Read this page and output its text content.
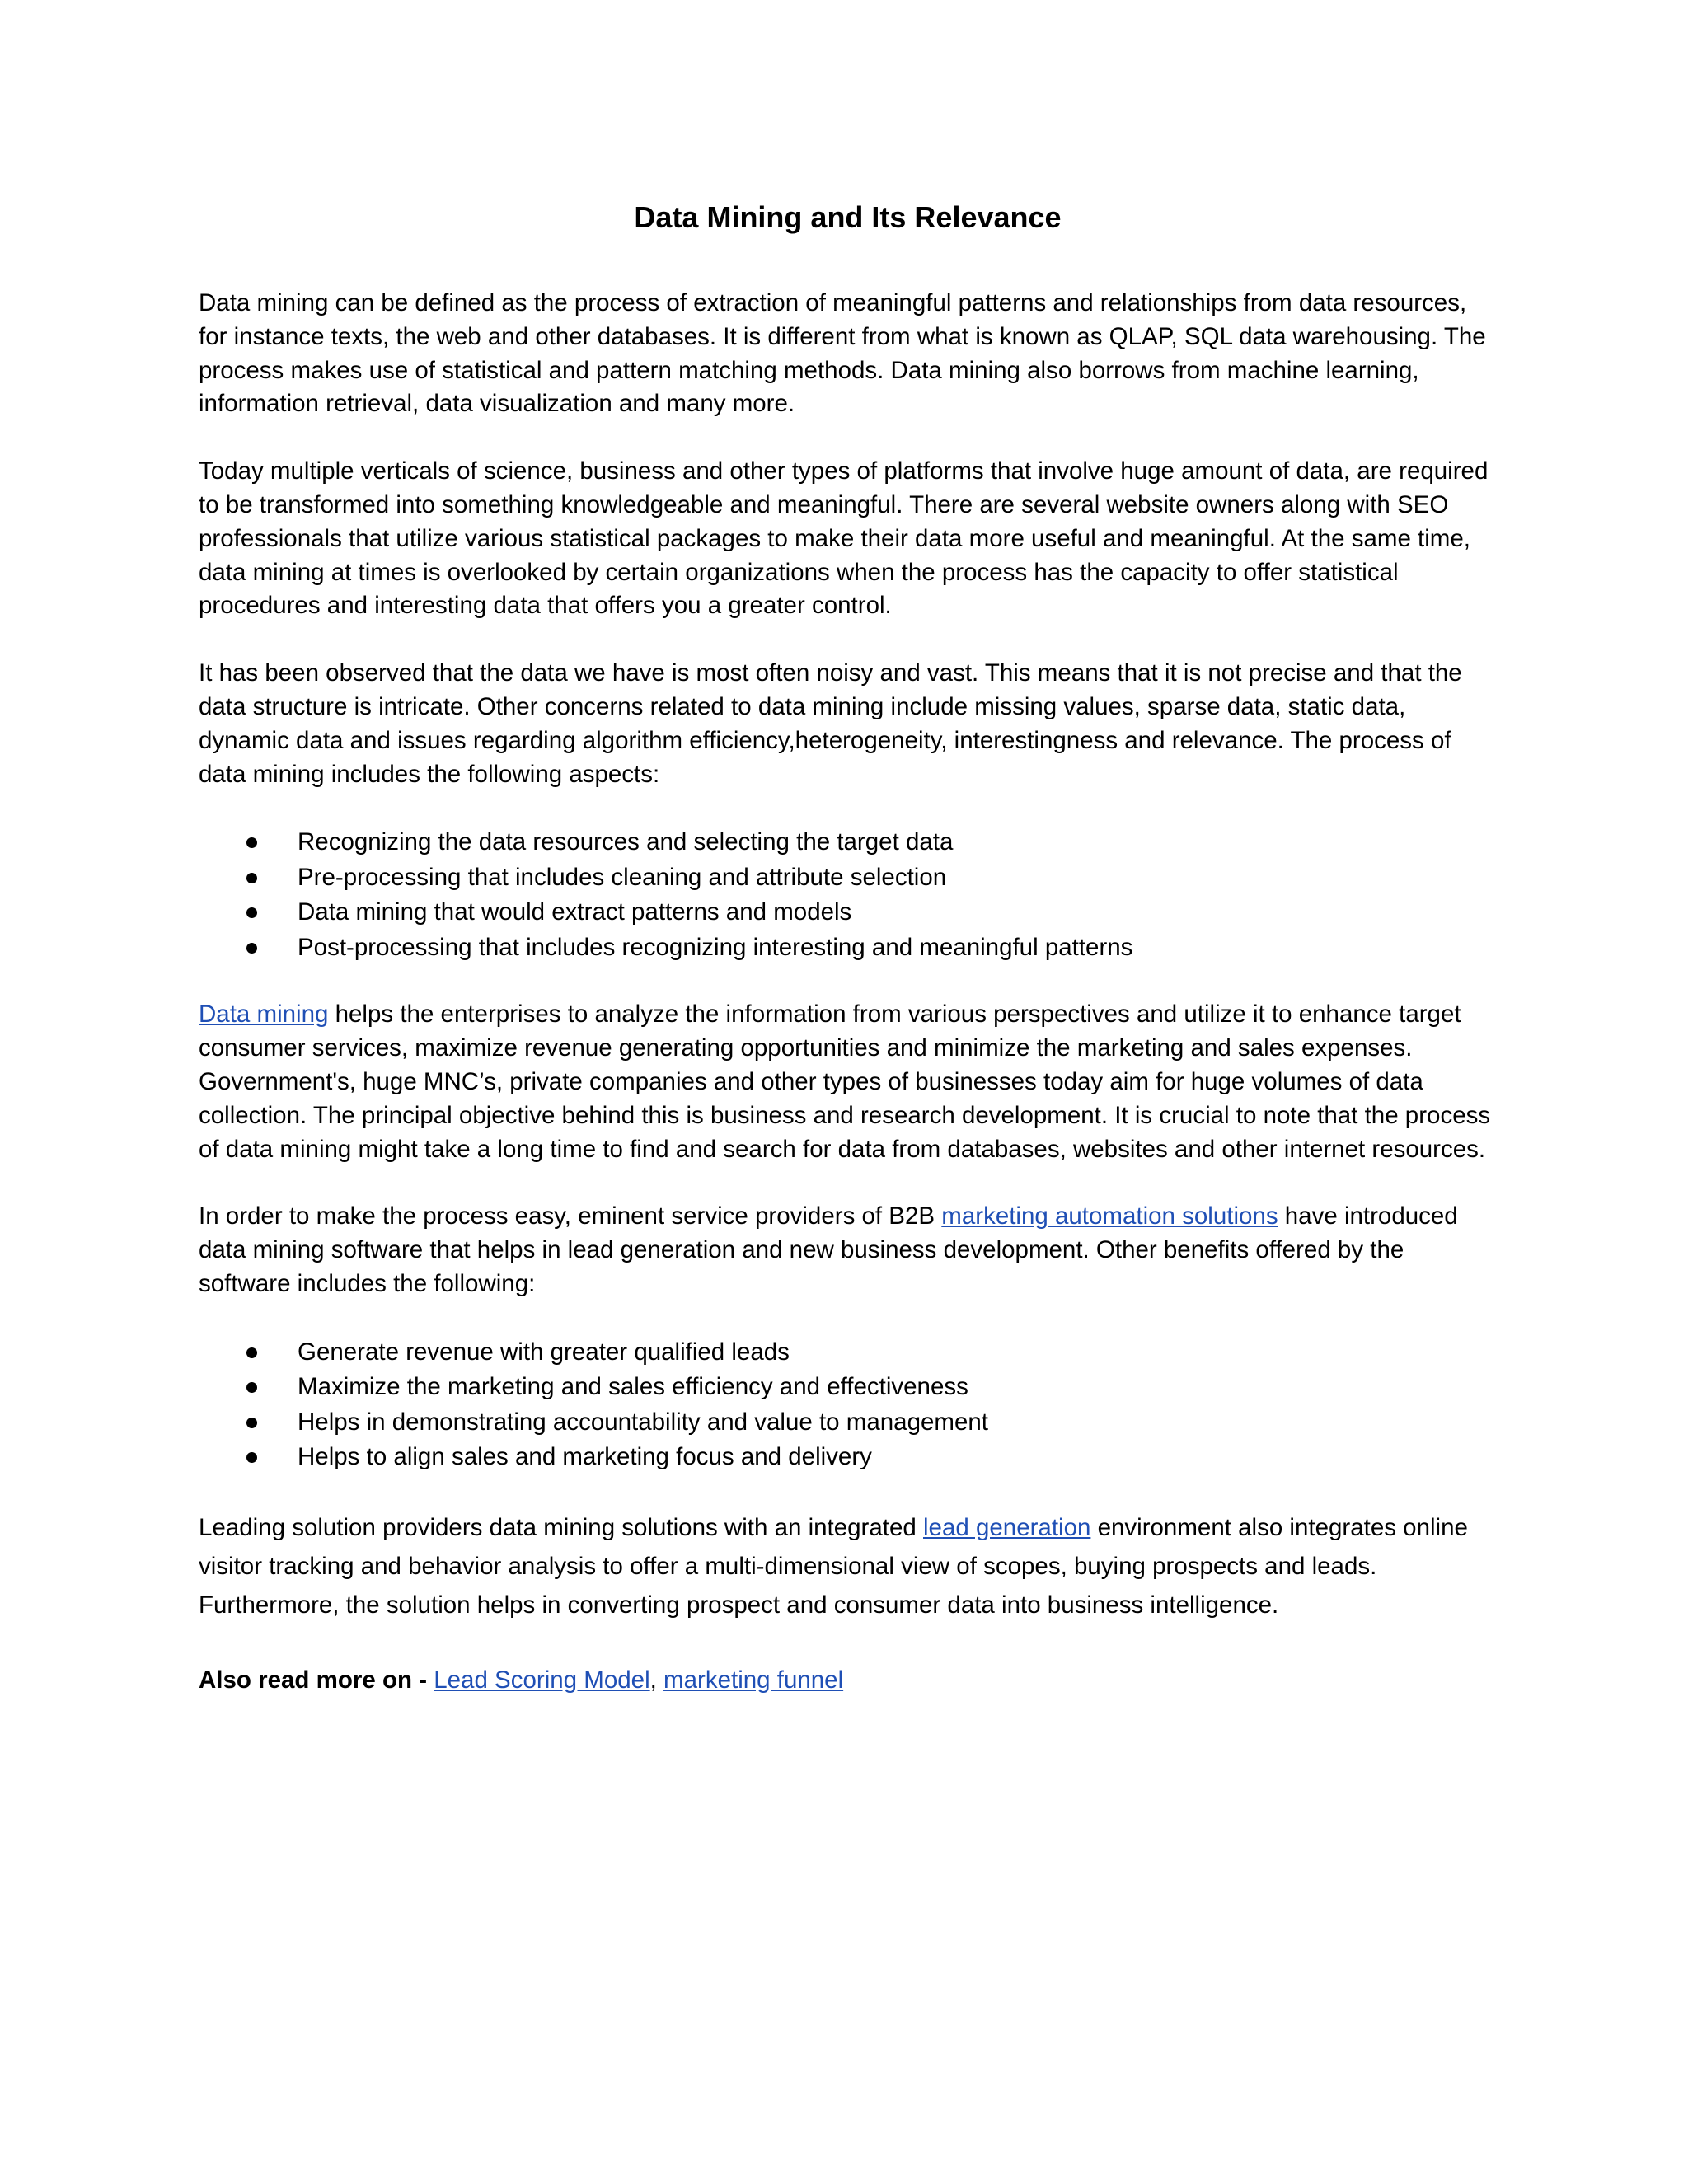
Data Mining and Its Relevance

Data mining can be defined as the process of extraction of meaningful patterns and relationships from data resources, for instance texts, the web and other databases. It is different from what is known as QLAP, SQL data warehousing. The process makes use of statistical and pattern matching methods. Data mining also borrows from machine learning, information retrieval, data visualization and many more.

Today multiple verticals of science, business and other types of platforms that involve huge amount of data, are required to be transformed into something knowledgeable and meaningful. There are several website owners along with SEO professionals that utilize various statistical packages to make their data more useful and meaningful. At the same time, data mining at times is overlooked by certain organizations when the process has the capacity to offer statistical procedures and interesting data that offers you a greater control.

It has been observed that the data we have is most often noisy and vast. This means that it is not precise and that the data structure is intricate. Other concerns related to data mining include missing values, sparse data, static data, dynamic data and issues regarding algorithm efficiency,heterogeneity, interestingness and relevance. The process of data mining includes the following aspects:

Recognizing the data resources and selecting the target data
Pre-processing that includes cleaning and attribute selection
Data mining that would extract patterns and models
Post-processing that includes recognizing interesting and meaningful patterns

Data mining helps the enterprises to analyze the information from various perspectives and utilize it to enhance target consumer services, maximize revenue generating opportunities and minimize the marketing and sales expenses. Government's, huge MNC’s, private companies and other types of businesses today aim for huge volumes of data collection. The principal objective behind this is business and research development. It is crucial to note that the process of data mining might take a long time to find and search for data from databases, websites and other internet resources.

In order to make the process easy, eminent service providers of B2B marketing automation solutions have introduced data mining software that helps in lead generation and new business development. Other benefits offered by the software includes the following:

Generate revenue with greater qualified leads
Maximize the marketing and sales efficiency and effectiveness
Helps in demonstrating accountability and value to management
Helps to align sales and marketing focus and delivery

Leading solution providers data mining solutions with an integrated lead generation environment also integrates online visitor tracking and behavior analysis to offer a multi-dimensional view of scopes, buying prospects and leads. Furthermore, the solution helps in converting prospect and consumer data into business intelligence.

Also read more on - Lead Scoring Model, marketing funnel
